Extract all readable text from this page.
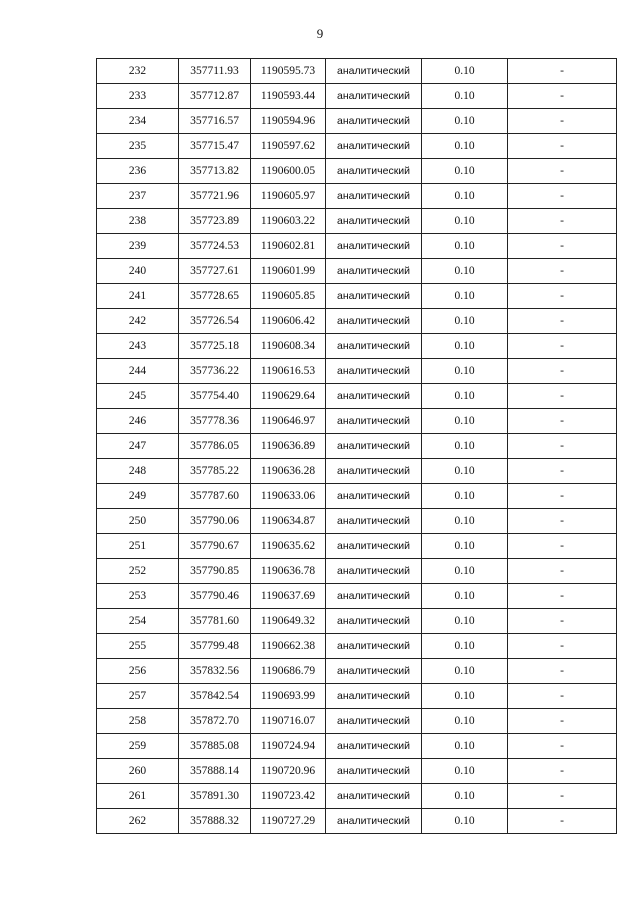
9
232	357711.93	1190595.73	аналитический	0.10	-
233	357712.87	1190593.44	аналитический	0.10	-
234	357716.57	1190594.96	аналитический	0.10	-
235	357715.47	1190597.62	аналитический	0.10	-
236	357713.82	1190600.05	аналитический	0.10	-
237	357721.96	1190605.97	аналитический	0.10	-
238	357723.89	1190603.22	аналитический	0.10	-
239	357724.53	1190602.81	аналитический	0.10	-
240	357727.61	1190601.99	аналитический	0.10	-
241	357728.65	1190605.85	аналитический	0.10	-
242	357726.54	1190606.42	аналитический	0.10	-
243	357725.18	1190608.34	аналитический	0.10	-
244	357736.22	1190616.53	аналитический	0.10	-
245	357754.40	1190629.64	аналитический	0.10	-
246	357778.36	1190646.97	аналитический	0.10	-
247	357786.05	1190636.89	аналитический	0.10	-
248	357785.22	1190636.28	аналитический	0.10	-
249	357787.60	1190633.06	аналитический	0.10	-
250	357790.06	1190634.87	аналитический	0.10	-
251	357790.67	1190635.62	аналитический	0.10	-
252	357790.85	1190636.78	аналитический	0.10	-
253	357790.46	1190637.69	аналитический	0.10	-
254	357781.60	1190649.32	аналитический	0.10	-
255	357799.48	1190662.38	аналитический	0.10	-
256	357832.56	1190686.79	аналитический	0.10	-
257	357842.54	1190693.99	аналитический	0.10	-
258	357872.70	1190716.07	аналитический	0.10	-
259	357885.08	1190724.94	аналитический	0.10	-
260	357888.14	1190720.96	аналитический	0.10	-
261	357891.30	1190723.42	аналитический	0.10	-
262	357888.32	1190727.29	аналитический	0.10	-
